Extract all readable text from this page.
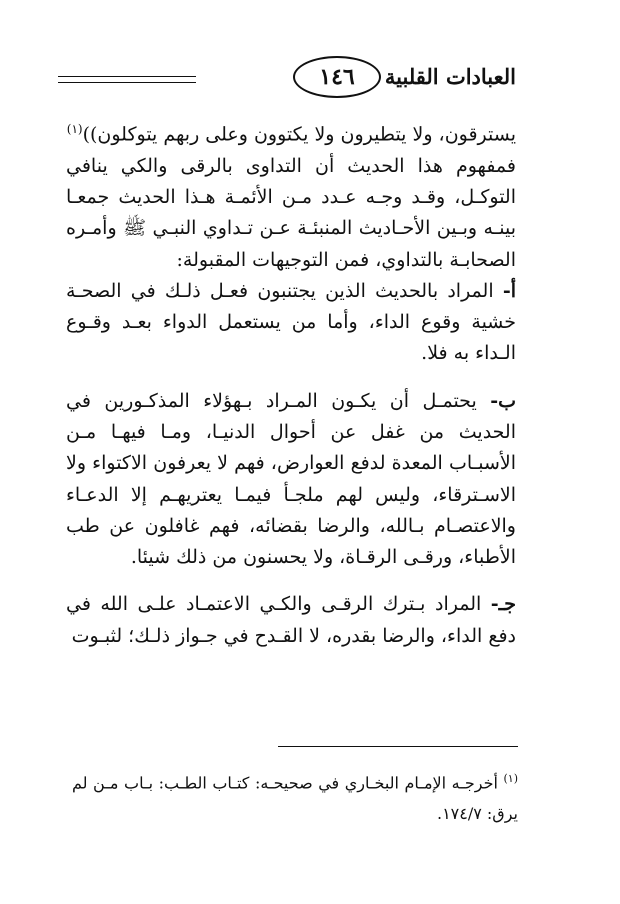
١٤٦	العبادات القلبية

يسترقون، ولا يتطيرون ولا يكتوون وعلى ربهم يتوكلون))$^{(١)}$

فمفهوم هذا الحديث أن التداوى بالرقى والكي ينافي التوكـل، وقـد وجـه عـدد مـن الأئمـة هـذا الحديث جمعـا بينـه وبـين الأحـاديث المنبئـة عـن تـداوي النبـي ﷺ وأمـره الصحابـة بالتداوي، فمن التوجيهات المقبولة:

أ- المراد بالحديث الذين يجتنبون فعـل ذلـك في الصحـة خشية وقوع الداء، وأما من يستعمل الدواء بعـد وقـوع الـداء به فلا.

ب- يحتمـل أن يكـون المـراد بـهؤلاء المذكـورين في الحديث من غفل عن أحوال الدنيـا، ومـا فيهـا مـن الأسبـاب المعدة لدفع العوارض، فهم لا يعرفون الاكتواء ولا الاسـترقاء، وليس لهم ملجـأ فيمـا يعتريهـم إلا الدعـاء والاعتصـام بـالله، والرضا بقضائه، فهم غافلون عن طب الأطباء، ورقـى الرقـاة، ولا يحسنون من ذلك شيئا.

جـ- المراد بـترك الرقـى والكـي الاعتمـاد علـى الله في دفع الداء، والرضا بقدره، لا القـدح في جـواز ذلـك؛ لثبـوت

$^{(١)}$ أخرجـه الإمـام البخـاري في صحيحـه: كتـاب الطـب: بـاب مـن لم يرق: ١٧٤/٧.
